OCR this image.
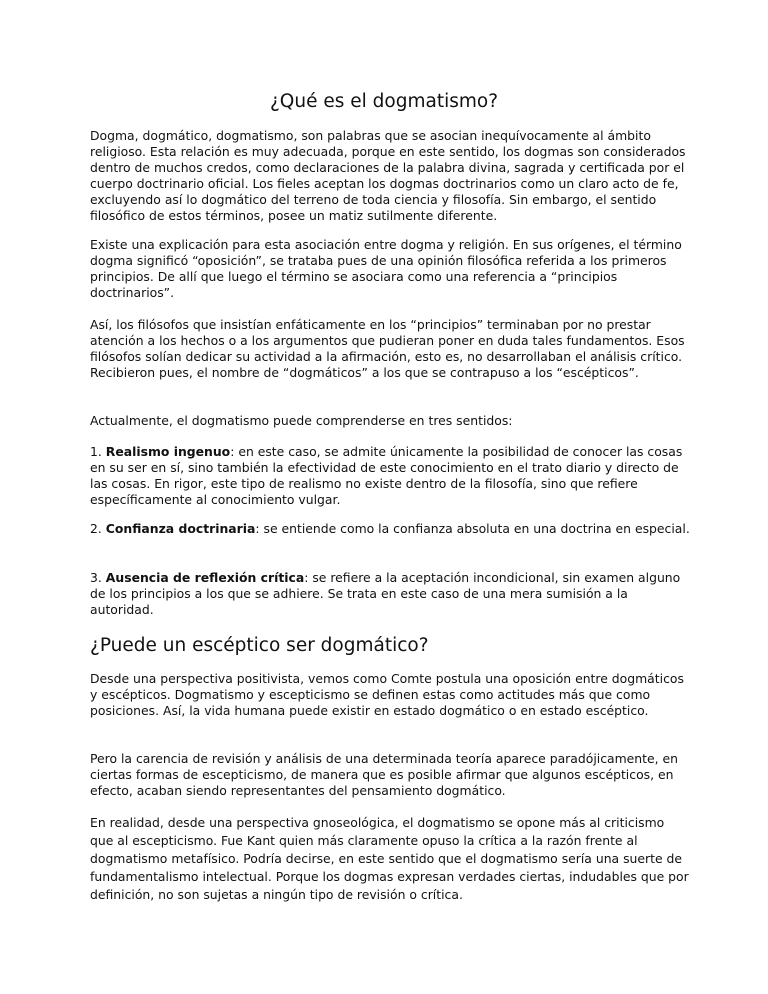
¿Qué es el dogmatismo?

Dogma, dogmático, dogmatismo, son palabras que se asocian inequívocamente al ámbito religioso. Esta relación es muy adecuada, porque en este sentido, los dogmas son considerados dentro de muchos credos, como declaraciones de la palabra divina, sagrada y certificada por el cuerpo doctrinario oficial. Los fieles aceptan los dogmas doctrinarios como un claro acto de fe, excluyendo así lo dogmático del terreno de toda ciencia y filosofía. Sin embargo, el sentido filosófico de estos términos, posee un matiz sutilmente diferente.

Existe una explicación para esta asociación entre dogma y religión. En sus orígenes, el término dogma significó “oposición”, se trataba pues de una opinión filosófica referida a los primeros principios. De allí que luego el término se asociara como una referencia a “principios doctrinarios”.

Así, los filósofos que insistían enfáticamente en los “principios” terminaban por no prestar atención a los hechos o a los argumentos que pudieran poner en duda tales fundamentos. Esos filósofos solían dedicar su actividad a la afirmación, esto es, no desarrollaban el análisis crítico. Recibieron pues, el nombre de “dogmáticos” a los que se contrapuso a los “escépticos”.

Actualmente, el dogmatismo puede comprenderse en tres sentidos:

1. Realismo ingenuo: en este caso, se admite únicamente la posibilidad de conocer las cosas en su ser en sí, sino también la efectividad de este conocimiento en el trato diario y directo de las cosas. En rigor, este tipo de realismo no existe dentro de la filosofía, sino que refiere específicamente al conocimiento vulgar.

2. Confianza doctrinaria: se entiende como la confianza absoluta en una doctrina en especial.

3. Ausencia de reflexión crítica: se refiere a la aceptación incondicional, sin examen alguno de los principios a los que se adhiere. Se trata en este caso de una mera sumisión a la autoridad.

¿Puede un escéptico ser dogmático?

Desde una perspectiva positivista, vemos como Comte postula una oposición entre dogmáticos y escépticos. Dogmatismo y escepticismo se definen estas como actitudes más que como posiciones. Así, la vida humana puede existir en estado dogmático o en estado escéptico.

Pero la carencia de revisión y análisis de una determinada teoría aparece paradójicamente, en ciertas formas de escepticismo, de manera que es posible afirmar que algunos escépticos, en efecto, acaban siendo representantes del pensamiento dogmático.

En realidad, desde una perspectiva gnoseológica, el dogmatismo se opone más al criticismo que al escepticismo. Fue Kant quien más claramente opuso la crítica a la razón frente al dogmatismo metafísico. Podría decirse, en este sentido que el dogmatismo sería una suerte de fundamentalismo intelectual. Porque los dogmas expresan verdades ciertas, indudables que por definición, no son sujetas a ningún tipo de revisión o crítica.
